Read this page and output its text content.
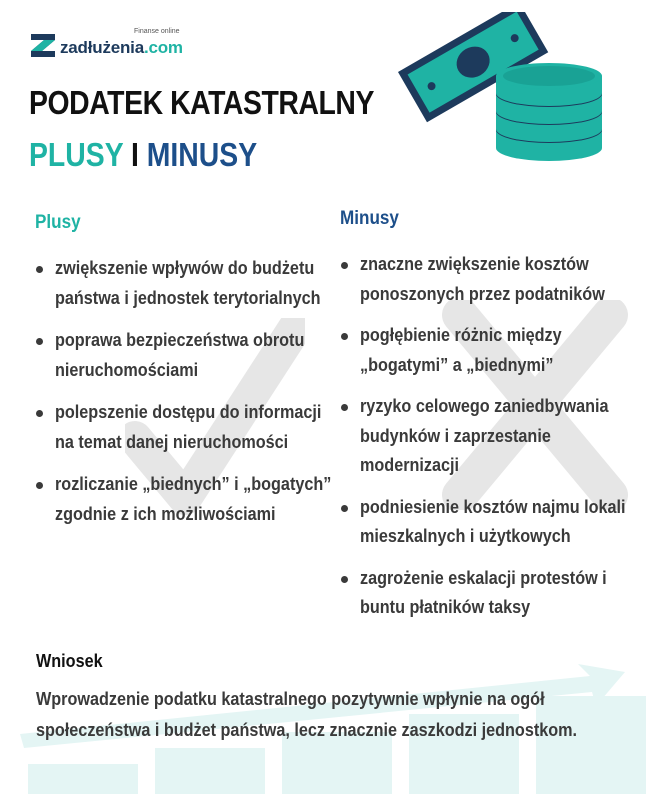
Finanse online
zadłużenia.com
PODATEK KATASTRALNY
PLUSY I MINUSY
Plusy
zwiększenie wpływów do budżetu państwa i jednostek terytorialnych
poprawa bezpieczeństwa obrotu nieruchomościami
polepszenie dostępu do informacji na temat danej nieruchomości
rozliczanie „biednych” i „bogatych” zgodnie z ich możliwościami
Minusy
znaczne zwiększenie kosztów ponoszonych przez podatników
pogłębienie różnic między „bogatymi” a „biednymi”
ryzyko celowego zaniedbywania budynków i zaprzestanie modernizacji
podniesienie kosztów najmu lokali mieszkalnych i użytkowych
zagrożenie eskalacji protestów i buntu płatników taksy
Wniosek

Wprowadzenie podatku katastralnego pozytywnie wpłynie na ogół społeczeństwa i budżet państwa, lecz znacznie zaszkodzi jednostkom.
